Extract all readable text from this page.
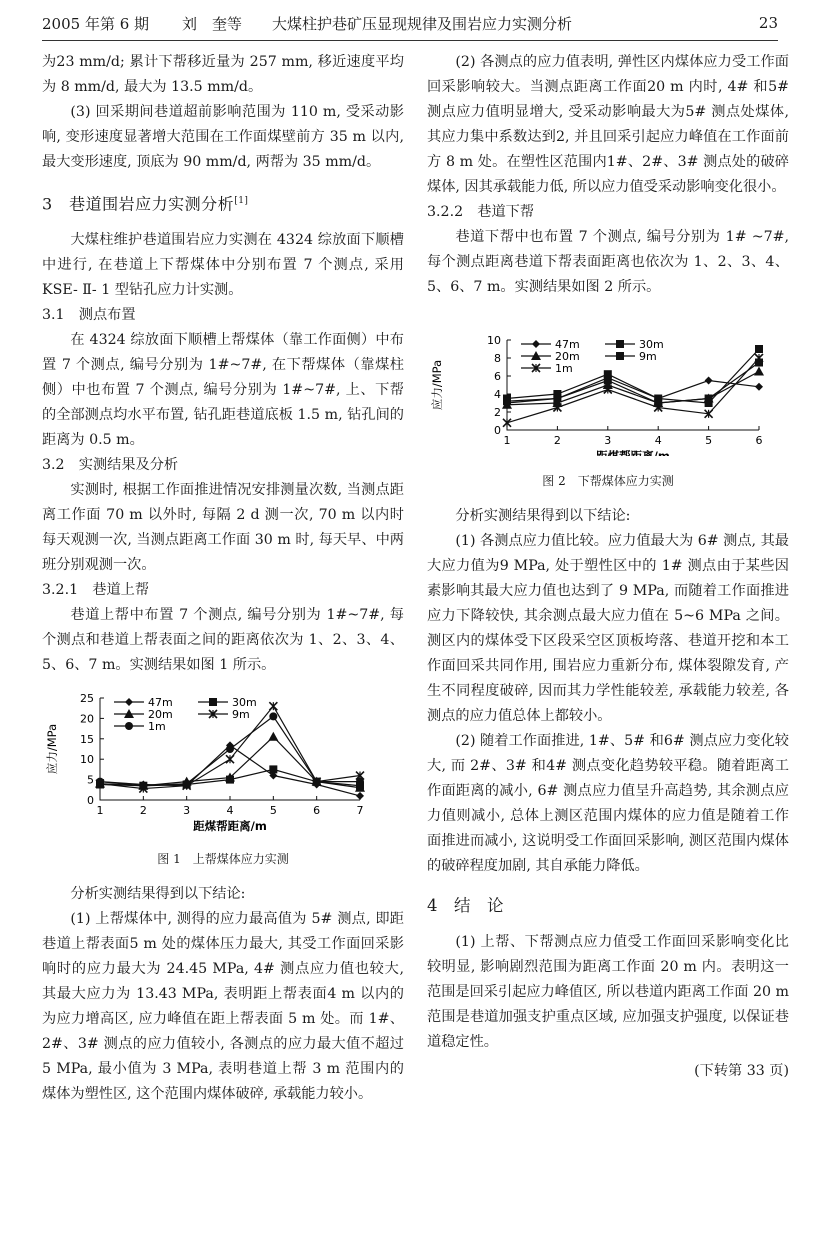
2005 年第 6 期	刘　奎等	大煤柱护巷矿压显现规律及围岩应力实测分析	23

为23 mm/d; 累计下帮移近量为 257 mm, 移近速度平均为 8 mm/d, 最大为 13.5 mm/d。

(3) 回采期间巷道超前影响范围为 110 m, 受采动影响, 变形速度显著增大范围在工作面煤壁前方 35 m 以内, 最大变形速度, 顶底为 90 mm/d, 两帮为 35 mm/d。

3　巷道围岩应力实测分析[1]

大煤柱维护巷道围岩应力实测在 4324 综放面下顺槽中进行, 在巷道上下帮煤体中分别布置 7 个测点, 采用 KSE- Ⅱ- 1 型钻孔应力计实测。

3.1　测点布置

在 4324 综放面下顺槽上帮煤体（靠工作面侧）中布置 7 个测点, 编号分别为 1#~7#, 在下帮煤体（靠煤柱侧）中也布置 7 个测点, 编号分别为 1#~7#, 上、下帮的全部测点均水平布置, 钻孔距巷道底板 1.5 m, 钻孔间的距离为 0.5 m。

3.2　实测结果及分析

实测时, 根据工作面推进情况安排测量次数, 当测点距离工作面 70 m 以外时, 每隔 2 d 测一次, 70 m 以内时每天观测一次, 当测点距离工作面 30 m 时, 每天早、中两班分别观测一次。

3.2.1　巷道上帮

巷道上帮中布置 7 个测点, 编号分别为 1#~7#, 每个测点和巷道上帮表面之间的距离依次为 1、2、3、4、5、6、7 m。实测结果如图 1 所示。

0
5
10
15
20
25
1	2	3	4	5	6	7
距煤帮距离/m
应力/MPa
47m	30m
20m	9m
1m
图 1　上帮煤体应力实测

分析实测结果得到以下结论:

(1) 上帮煤体中, 测得的应力最高值为 5# 测点, 即距巷道上帮表面5 m 处的煤体压力最大, 其受工作面回采影响时的应力最大为 24.45 MPa, 4# 测点应力值也较大, 其最大应力为 13.43 MPa, 表明距上帮表面4 m 以内的为应力增高区, 应力峰值在距上帮表面 5 m 处。而 1#、2#、3# 测点的应力值较小, 各测点的应力最大值不超过 5 MPa, 最小值为 3 MPa, 表明巷道上帮 3 m 范围内的煤体为塑性区, 这个范围内煤体破碎, 承载能力较小。

(2) 各测点的应力值表明, 弹性区内煤体应力受工作面回采影响较大。当测点距离工作面20 m 内时, 4# 和5# 测点应力值明显增大, 受采动影响最大为5# 测点处煤体, 其应力集中系数达到2, 并且回采引起应力峰值在工作面前方 8 m 处。在塑性区范围内1#、2#、3# 测点处的破碎煤体, 因其承载能力低, 所以应力值受采动影响变化很小。

3.2.2　巷道下帮

巷道下帮中也布置 7 个测点, 编号分别为 1# ~7#, 每个测点距离巷道下帮表面距离也依次为 1、2、3、4、5、6、7 m。实测结果如图 2 所示。

0
2
4
6
8
10
1	2	3	4	5	6
距煤帮距离/m
应力/MPa
47m	30m
20m	9m
1m
图 2　下帮煤体应力实测

分析实测结果得到以下结论:

(1) 各测点应力值比较。应力值最大为 6# 测点, 其最大应力值为9 MPa, 处于塑性区中的 1# 测点由于某些因素影响其最大应力值也达到了 9 MPa, 而随着工作面推进应力下降较快, 其余测点最大应力值在 5~6 MPa 之间。测区内的煤体受下区段采空区顶板垮落、巷道开挖和本工作面回采共同作用, 围岩应力重新分布, 煤体裂隙发育, 产生不同程度破碎, 因而其力学性能较差, 承载能力较差, 各测点的应力值总体上都较小。

(2) 随着工作面推进, 1#、5# 和6# 测点应力变化较大, 而 2#、3# 和4# 测点变化趋势较平稳。随着距离工作面距离的减小, 6# 测点应力值呈升高趋势, 其余测点应力值则减小, 总体上测区范围内煤体的应力值是随着工作面推进而减小, 这说明受工作面回采影响, 测区范围内煤体的破碎程度加剧, 其自承能力降低。

4　结　论

(1) 上帮、下帮测点应力值受工作面回采影响变化比较明显, 影响剧烈范围为距离工作面 20 m 内。表明这一范围是回采引起应力峰值区, 所以巷道内距离工作面 20 m 范围是巷道加强支护重点区域, 应加强支护强度, 以保证巷道稳定性。

(下转第 33 页)
